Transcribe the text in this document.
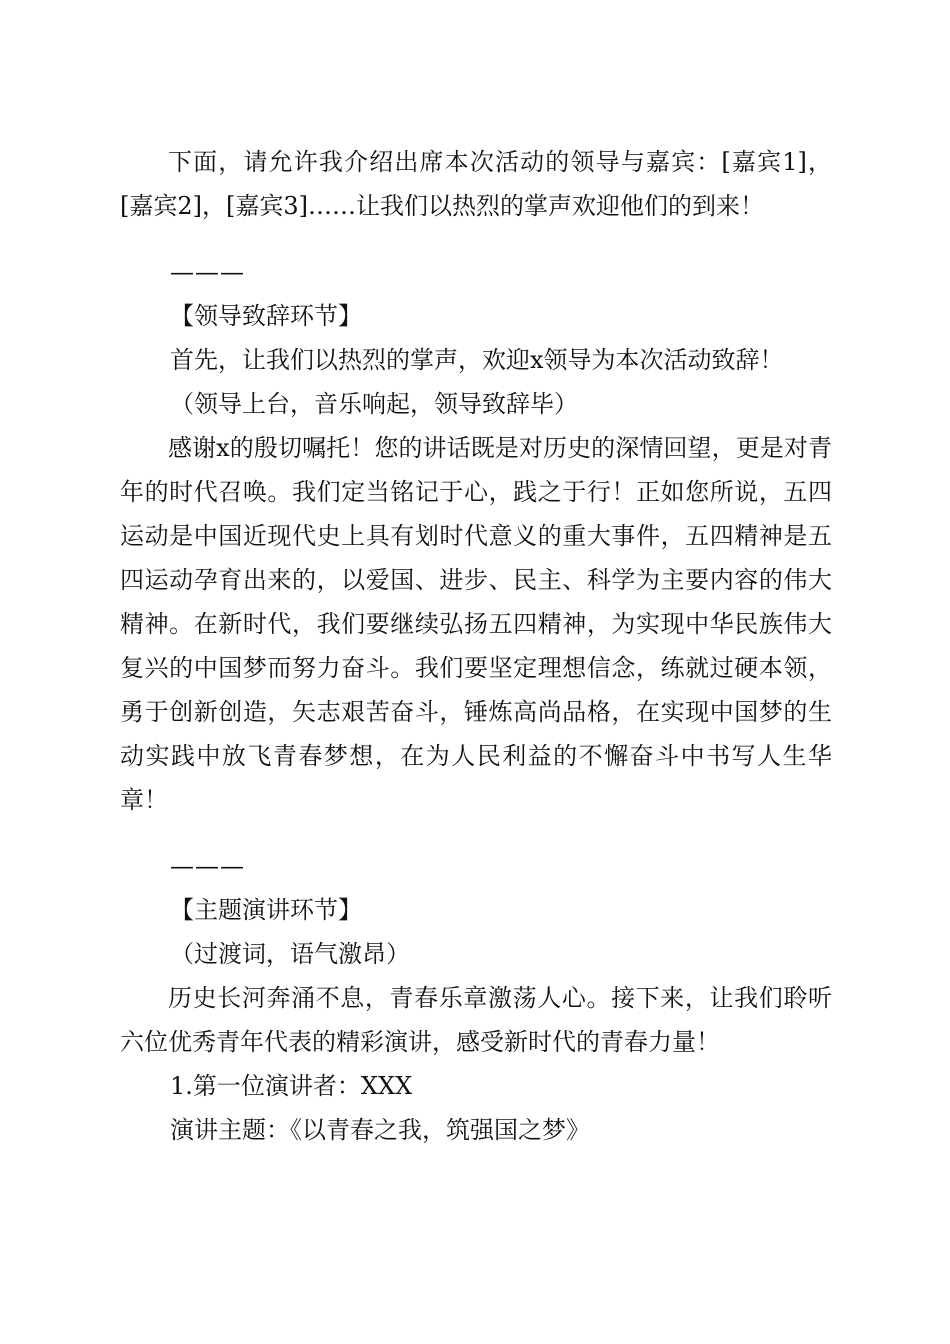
下面，请允许我介绍出席本次活动的领导与嘉宾：[嘉宾1]，[嘉宾2]，[嘉宾3]……让我们以热烈的掌声欢迎他们的到来！

———

【领导致辞环节】

首先，让我们以热烈的掌声，欢迎x领导为本次活动致辞！

（领导上台，音乐响起，领导致辞毕）

感谢x的殷切嘱托！您的讲话既是对历史的深情回望，更是对青年的时代召唤。我们定当铭记于心，践之于行！正如您所说，五四运动是中国近现代史上具有划时代意义的重大事件，五四精神是五四运动孕育出来的，以爱国、进步、民主、科学为主要内容的伟大精神。在新时代，我们要继续弘扬五四精神，为实现中华民族伟大复兴的中国梦而努力奋斗。我们要坚定理想信念，练就过硬本领，勇于创新创造，矢志艰苦奋斗，锤炼高尚品格，在实现中国梦的生动实践中放飞青春梦想，在为人民利益的不懈奋斗中书写人生华章！

———

【主题演讲环节】

（过渡词，语气激昂）

历史长河奔涌不息，青春乐章激荡人心。接下来，让我们聆听六位优秀青年代表的精彩演讲，感受新时代的青春力量！

1.第一位演讲者：XXX

演讲主题：《以青春之我，筑强国之梦》
